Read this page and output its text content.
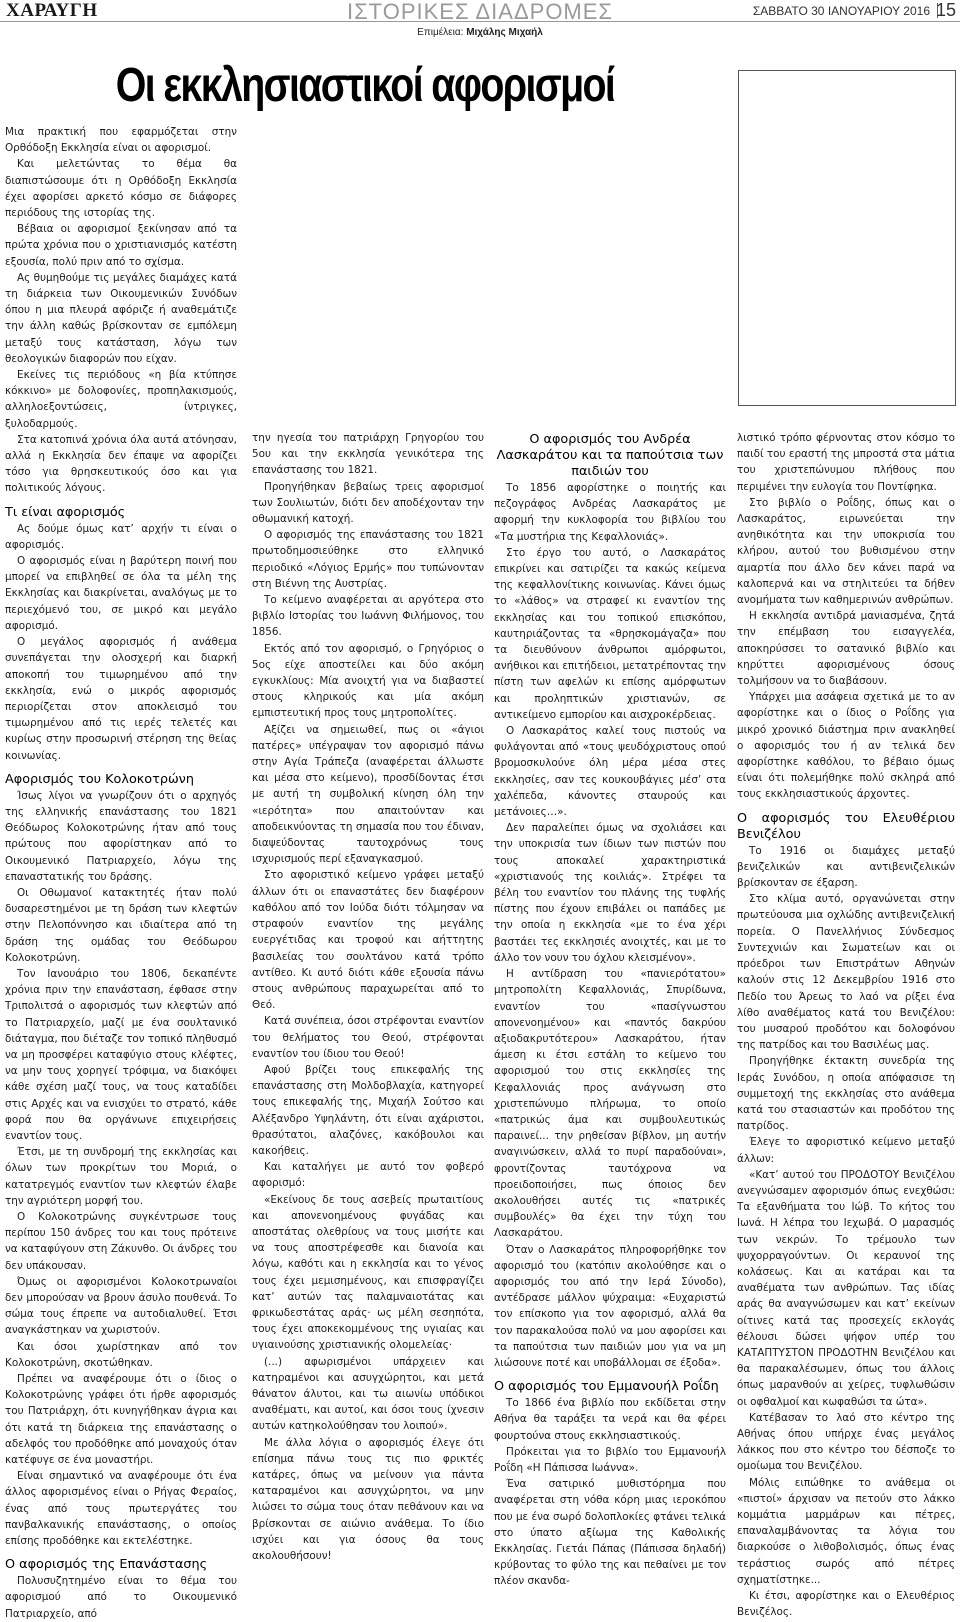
ΧΑΡΑΥΓΗ	ΙΣΤΟΡΙΚΕΣ ΔΙΑΔΡΟΜΕΣ	ΣΑΒΒΑΤΟ 30 ΙΑΝΟΥΑΡΙΟΥ 2016 15
Επιμέλεια: Μιχάλης Μιχαήλ
Οι εκκλησιαστικοί αφορισμοί

Μια πρακτική που εφαρμόζεται στην Ορθόδοξη Εκκλησία είναι οι αφορισμοί.

Και μελετώντας το θέμα θα διαπιστώσουμε ότι η Ορθόδοξη Εκκλησία έχει αφορίσει αρκετό κόσμο σε διάφορες περιόδους της ιστορίας της.

Βέβαια οι αφορισμοί ξεκίνησαν από τα πρώτα χρόνια που ο χριστιανισμός κατέστη εξουσία, πολύ πριν από το σχίσμα.

Ας θυμηθούμε τις μεγάλες διαμάχες κατά τη διάρκεια των Οικουμενικών Συνόδων όπου η μια πλευρά αφόριζε ή αναθεμάτιζε την άλλη καθώς βρίσκονταν σε εμπόλεμη μεταξύ τους κατάσταση, λόγω των θεολογικών διαφορών που είχαν.

Εκείνες τις περιόδους «η βία κτύπησε κόκκινο» με δολοφονίες, προπηλακισμούς, αλληλοεξοντώσεις, ίντριγκες, ξυλοδαρμούς.

Στα κατοπινά χρόνια όλα αυτά ατόνησαν, αλλά η Εκκλησία δεν έπαψε να αφορίζει τόσο για θρησκευτικούς όσο και για πολιτικούς λόγους.

Τι είναι αφορισμός

Ας δούμε όμως κατ’ αρχήν τι είναι ο αφορισμός.

Ο αφορισμός είναι η βαρύτερη ποινή που μπορεί να επιβληθεί σε όλα τα μέλη της Εκκλησίας και διακρίνεται, αναλόγως με το περιεχόμενό του, σε μικρό και μεγάλο αφορισμό.

Ο μεγάλος αφορισμός ή ανάθεμα συνεπάγεται την ολοσχερή και διαρκή αποκοπή του τιμωρημένου από την εκκλησία, ενώ ο μικρός αφορισμός περιορίζεται στον αποκλεισμό του τιμωρημένου από τις ιερές τελετές και κυρίως στην προσωρινή στέρηση της θείας κοινωνίας.

Αφορισμός του Κολοκοτρώνη

Ίσως λίγοι να γνωρίζουν ότι ο αρχηγός της ελληνικής επανάστασης του 1821 Θεόδωρος Κολοκοτρώνης ήταν από τους πρώτους που αφορίστηκαν από το Οικουμενικό Πατριαρχείο, λόγω της επαναστατικής του δράσης.

Οι Οθωμανοί κατακτητές ήταν πολύ δυσαρεστημένοι με τη δράση των κλεφτών στην Πελοπόννησο και ιδιαίτερα από τη δράση της ομάδας του Θεόδωρου Κολοκοτρώνη.

Τον Ιανουάριο του 1806, δεκαπέντε χρόνια πριν την επανάσταση, έφθασε στην Τριπολιτσά ο αφορισμός των κλεφτών από το Πατριαρχείο, μαζί με ένα σουλτανικό διάταγμα, που διέταζε τον τοπικό πληθυσμό να μη προσφέρει καταφύγιο στους κλέφτες, να μην τους χορηγεί τρόφιμα, να διακόψει κάθε σχέση μαζί τους, να τους καταδίδει στις Αρχές και να ενισχύει το στρατό, κάθε φορά που θα οργάνωνε επιχειρήσεις εναντίον τους.

Έτσι, με τη συνδρομή της εκκλησίας και όλων των προκρίτων του Μοριά, ο κατατρεγμός εναντίον των κλεφτών έλαβε την αγριότερη μορφή του.

Ο Κολοκοτρώνης συγκέντρωσε τους περίπου 150 άνδρες του και τους πρότεινε να καταφύγουν στη Ζάκυνθο. Οι άνδρες του δεν υπάκουσαν.

Όμως οι αφορισμένοι Κολοκοτρωναίοι δεν μπορούσαν να βρουν άσυλο πουθενά. Το σώμα τους έπρεπε να αυτοδιαλυθεί. Έτσι αναγκάστηκαν να χωριστούν.

Και όσοι χωρίστηκαν από τον Κολοκοτρώνη, σκοτώθηκαν.

Πρέπει να αναφέρουμε ότι ο ίδιος ο Κολοκοτρώνης γράφει ότι ήρθε αφορισμός του Πατριάρχη, ότι κυνηγήθηκαν άγρια και ότι κατά τη διάρκεια της επανάστασης ο αδελφός του προδόθηκε από μοναχούς όταν κατέφυγε σε ένα μοναστήρι.

Είναι σημαντικό να αναφέρουμε ότι ένα άλλος αφορισμένος είναι ο Ρήγας Φεραίος, ένας από τους πρωτεργάτες του πανβαλκανικής επανάστασης, ο οποίος επίσης προδόθηκε και εκτελέστηκε.

Ο αφορισμός της Επανάστασης

Πολυσυζητημένο είναι το θέμα του αφορισμού από το Οικουμενικό Πατριαρχείο, από

την ηγεσία του πατριάρχη Γρηγορίου του 5ου και την εκκλησία γενικότερα της επανάστασης του 1821.

Προηγήθηκαν βεβαίως τρεις αφορισμοί των Σουλιωτών, διότι δεν αποδέχονταν την οθωμανική κατοχή.

Ο αφορισμός της επανάστασης του 1821 πρωτοδημοσιεύθηκε στο ελληνικό περιοδικό «Λόγιος Ερμής» που τυπώνονταν στη Βιέννη της Αυστρίας.

Το κείμενο αναφέρεται αι αργότερα στο βιβλίο Ιστορίας του Ιωάννη Φιλήμονος, του 1856.

Εκτός από τον αφορισμό, ο Γρηγόριος ο 5ος είχε αποστείλει και δύο ακόμη εγκυκλίους: Μία ανοιχτή για να διαβαστεί στους κληρικούς και μία ακόμη εμπιστευτική προς τους μητροπολίτες.

Αξίζει να σημειωθεί, πως οι «άγιοι πατέρες» υπέγραψαν τον αφορισμό πάνω στην Αγία Τράπεζα (αναφέρεται άλλωστε και μέσα στο κείμενο), προσδίδοντας έτσι με αυτή τη συμβολική κίνηση όλη την «ιερότητα» που απαιτούνταν και αποδεικνύοντας τη σημασία που του έδιναν, διαψεύδοντας ταυτοχρόνως τους ισχυρισμούς περί εξαναγκασμού.

Στο αφοριστικό κείμενο γράφει μεταξύ άλλων ότι οι επαναστάτες δεν διαφέρουν καθόλου από τον Ιούδα διότι τόλμησαν να στραφούν εναντίον της μεγάλης ευεργέτιδας και τροφού και αήττητης βασιλείας του σουλτάνου κατά τρόπο αντίθεο. Κι αυτό διότι κάθε εξουσία πάνω στους ανθρώπους παραχωρείται από το Θεό.

Κατά συνέπεια, όσοι στρέφονται εναντίον του θελήματος του Θεού, στρέφονται εναντίον του ίδιου του Θεού!

Αφού βρίζει τους επικεφαλής της επανάστασης στη Μολδοβλαχία, κατηγορεί τους επικεφαλής της, Μιχαήλ Σούτσο και Αλέξανδρο Υψηλάντη, ότι είναι αχάριστοι, θρασύτατοι, αλαζόνες, κακόβουλοι και κακοήθεις.

Και καταλήγει με αυτό τον φοβερό αφορισμό:

«Εκείνους δε τους ασεβείς πρωταιτίους και απονενοημένους φυγάδας και αποστάτας ολεθρίους να τους μισήτε και να τους αποστρέφεσθε και διανοία και λόγω, καθότι και η εκκλησία και το γένος τους έχει μεμισημένους, και επισφραγίζει κατ’ αυτών τας παλαμναιοτάτας και φρικωδεστάτας αράς· ως μέλη σεσηπότα, τους έχει αποκεκομμένους της υγιαίας και υγιαινούσης χριστιανικής ολομελείας·

(...) αφωρισμένοι υπάρχειεν και κατηραμένοι και ασυγχώρητοι, και μετά θάνατον άλυτοι, και τω αιωνίω υπόδικοι αναθέματι, και αυτοί, και όσοι τους ίχνεσιν αυτών κατηκολούθησαν του λοιπού».

Με άλλα λόγια ο αφορισμός έλεγε ότι επίσημα πάνω τους τις πιο φρικτές κατάρες, όπως να μείνουν για πάντα καταραμένοι και ασυγχώρητοι, να μην λιώσει το σώμα τους όταν πεθάνουν και να βρίσκονται σε αιώνιο ανάθεμα. Το ίδιο ισχύει και για όσους θα τους ακολουθήσουν!

Ο αφορισμός του Ανδρέα Λασκαράτου και τα παπούτσια των παιδιών του

Το 1856 αφορίστηκε ο ποιητής και πεζογράφος Ανδρέας Λασκαράτος με αφορμή την κυκλοφορία του βιβλίου του «Τα μυστήρια της Κεφαλλονιάς».

Στο έργο του αυτό, ο Λασκαράτος επικρίνει και σατιρίζει τα κακώς κείμενα της κεφαλλονίτικης κοινωνίας. Κάνει όμως το «λάθος» να στραφεί κι εναντίον της εκκλησίας και του τοπικού επισκόπου, καυτηριάζοντας τα «θρησκομάγαζα» που τα διευθύνουν άνθρωποι αμόρφωτοι, ανήθικοι και επιτήδειοι, μετατρέποντας την πίστη των αφελών κι επίσης αμόρφωτων και προληπτικών χριστιανών, σε αντικείμενο εμπορίου και αισχροκέρδειας.

Ο Λασκαράτος καλεί τους πιστούς να φυλάγονται από «τους ψευδόχριστους οπού βρομοσκυλούνε όλη μέρα μέσα στες εκκλησίες, σαν τες κουκουβάγιες μέσ’ στα χαλέπεδα, κάνοντες σταυρούς και μετάνοιες…».

Δεν παραλείπει όμως να σχολιάσει και την υποκρισία των ίδιων των πιστών που τους αποκαλεί χαρακτηριστικά «χριστιανούς της κοιλιάς». Στρέφει τα βέλη του εναντίον του πλάνης της τυφλής πίστης που έχουν επιβάλει οι παπάδες με την οποία η εκκλησία «με το ένα χέρι βαστάει τες εκκλησιές ανοιχτές, και με το άλλο τον νουν του όχλου κλεισμένον».

Η αντίδραση του «πανιερότατου» μητροπολίτη Κεφαλλονιάς, Σπυρίδωνα, εναντίον του «πασίγνωστου απονενοημένου» και «παντός δακρύου αξιοδακρυτότερου» Λασκαράτου, ήταν άμεση κι έτσι εστάλη το κείμενο του αφορισμού του στις εκκλησίες της Κεφαλλονιάς προς ανάγνωση στο χριστεπώνυμο πλήρωμα, το οποίο «πατρικώς άμα και συμβουλευτικώς παραινεί... την ρηθείσαν βίβλον, μη αυτήν αναγινώσκειν, αλλά το πυρί παραδούναι», φροντίζοντας ταυτόχρονα να προειδοποιήσει, πως όποιος δεν ακολουθήσει αυτές τις «πατρικές συμβουλές» θα έχει την τύχη του Λασκαράτου.

Όταν ο Λασκαράτος πληροφορήθηκε τον αφορισμό του (κατόπιν ακολούθησε και ο αφορισμός του από την Ιερά Σύνοδο), αντέδρασε μάλλον ψύχραιμα: «Ευχαριστώ τον επίσκοπο για τον αφορισμό, αλλά θα τον παρακαλούσα πολύ να μου αφορίσει και τα παπούτσια των παιδιών μου για να μη λιώσουνε ποτέ και υποβάλλομαι σε έξοδα».

Ο αφορισμός του Εμμανουήλ Ροΐδη

Το 1866 ένα βιβλίο που εκδίδεται στην Αθήνα θα ταράξει τα νερά και θα φέρει φουρτούνα στους εκκλησιαστικούς.

Πρόκειται για το βιβλίο του Εμμανουήλ Ροΐδη «Η Πάπισσα Ιωάννα».

Ένα σατιρικό μυθιστόρημα που αναφέρεται στη νόθα κόρη μιας ιεροκόπου που με ένα σωρό δολοπλοκίες φτάνει τελικά στο ύπατο αξίωμα της Καθολικής Εκκλησίας. Γιετάι Πάπας (Πάπισσα δηλαδή) κρύβοντας το φύλο της και πεθαίνει με τον πλέον σκανδα-

λιστικό τρόπο φέρνοντας στον κόσμο το παιδί του εραστή της μπροστά στα μάτια του χριστεπώνυμου πλήθους που περιμένει την ευλογία του Ποντίφηκα.

Στο βιβλίο ο Ροΐδης, όπως και ο Λασκαράτος, ειρωνεύεται την ανηθικότητα και την υποκρισία του κλήρου, αυτού του βυθισμένου στην αμαρτία που άλλο δεν κάνει παρά να καλοπερνά και να στηλιτεύει τα δήθεν ανομήματα των καθημερινών ανθρώπων.

Η εκκλησία αντιδρά μανιασμένα, ζητά την επέμβαση του εισαγγελέα, αποκηρύσσει το σατανικό βιβλίο και κηρύττει αφορισμένους όσους τολμήσουν να το διαβάσουν.

Υπάρχει μια ασάφεια σχετικά με το αν αφορίστηκε και ο ίδιος ο Ροΐδης για μικρό χρονικό διάστημα πριν ανακληθεί ο αφορισμός του ή αν τελικά δεν αφορίστηκε καθόλου, το βέβαιο όμως είναι ότι πολεμήθηκε πολύ σκληρά από τους εκκλησιαστικούς άρχοντες.

Ο αφορισμός του Ελευθέριου Βενιζέλου

Το 1916 οι διαμάχες μεταξύ βενιζελικών και αντιβενιζελικών βρίσκονταν σε έξαρση.

Στο κλίμα αυτό, οργανώνεται στην πρωτεύουσα μια οχλώδης αντιβενιζελική πορεία. Ο Πανελλήνιος Σύνδεσμος Συντεχνιών και Σωματείων και οι πρόεδροι των Επιστράτων Αθηνών καλούν στις 12 Δεκεμβρίου 1916 στο Πεδίο του Άρεως το λαό να ρίξει ένα λίθο αναθέματος κατά του Βενιζέλου: του μυσαρού προδότου και δολοφόνου της πατρίδος και του Βασιλέως μας.

Προηγήθηκε έκτακτη συνεδρία της Ιεράς Συνόδου, η οποία απόφασισε τη συμμετοχή της εκκλησίας στο ανάθεμα κατά του στασιαστών και προδότου της πατρίδος.

Έλεγε το αφοριστικό κείμενο μεταξύ άλλων:

«Κατ’ αυτού του ΠΡΟΔΟΤΟΥ Βενιζέλου ανεγνώσαμεν αφορισμόν όπως ενεχθώσι: Τα εξανθήματα του Ιώβ. Το κήτος του Ιωνά. Η λέπρα του Ιεχωβά. Ο μαρασμός των νεκρών. Το τρέμουλο των ψυχορραγούντων. Οι κεραυνοί της κολάσεως. Και αι κατάραι και τα αναθέματα των ανθρώπων. Τας ιδίας αράς θα αναγνώσωμεν και κατ’ εκείνων οίτινες κατά τας προσεχείς εκλογάς θέλουσι δώσει ψήφον υπέρ του ΚΑΤΑΠΤΥΣΤΟΝ ΠΡΟΔΟΤΗΝ Βενιζέλου και θα παρακαλέσωμεν, όπως του άλλοις όπως μαρανθούν αι χείρες, τυφλωθώσιν οι οφθαλμοί και κωφαθώσι τα ώτα».

Κατέβασαν το λαό στο κέντρο της Αθήνας όπου υπήρχε ένας μεγάλος λάκκος που στο κέντρο του δέσποζε το ομοίωμα του Βενιζέλου.

Μόλις ειπώθηκε το ανάθεμα οι «πιστοί» άρχισαν να πετούν στο λάκκο κομμάτια μαρμάρων και πέτρες, επαναλαμβάνοντας τα λόγια του διαρκούσε ο λιθοβολισμός, όπως ένας τεράστιος σωρός από πέτρες σχηματίστηκε...

Κι έτσι, αφορίστηκε και ο Ελευθέριος Βενιζέλος.
